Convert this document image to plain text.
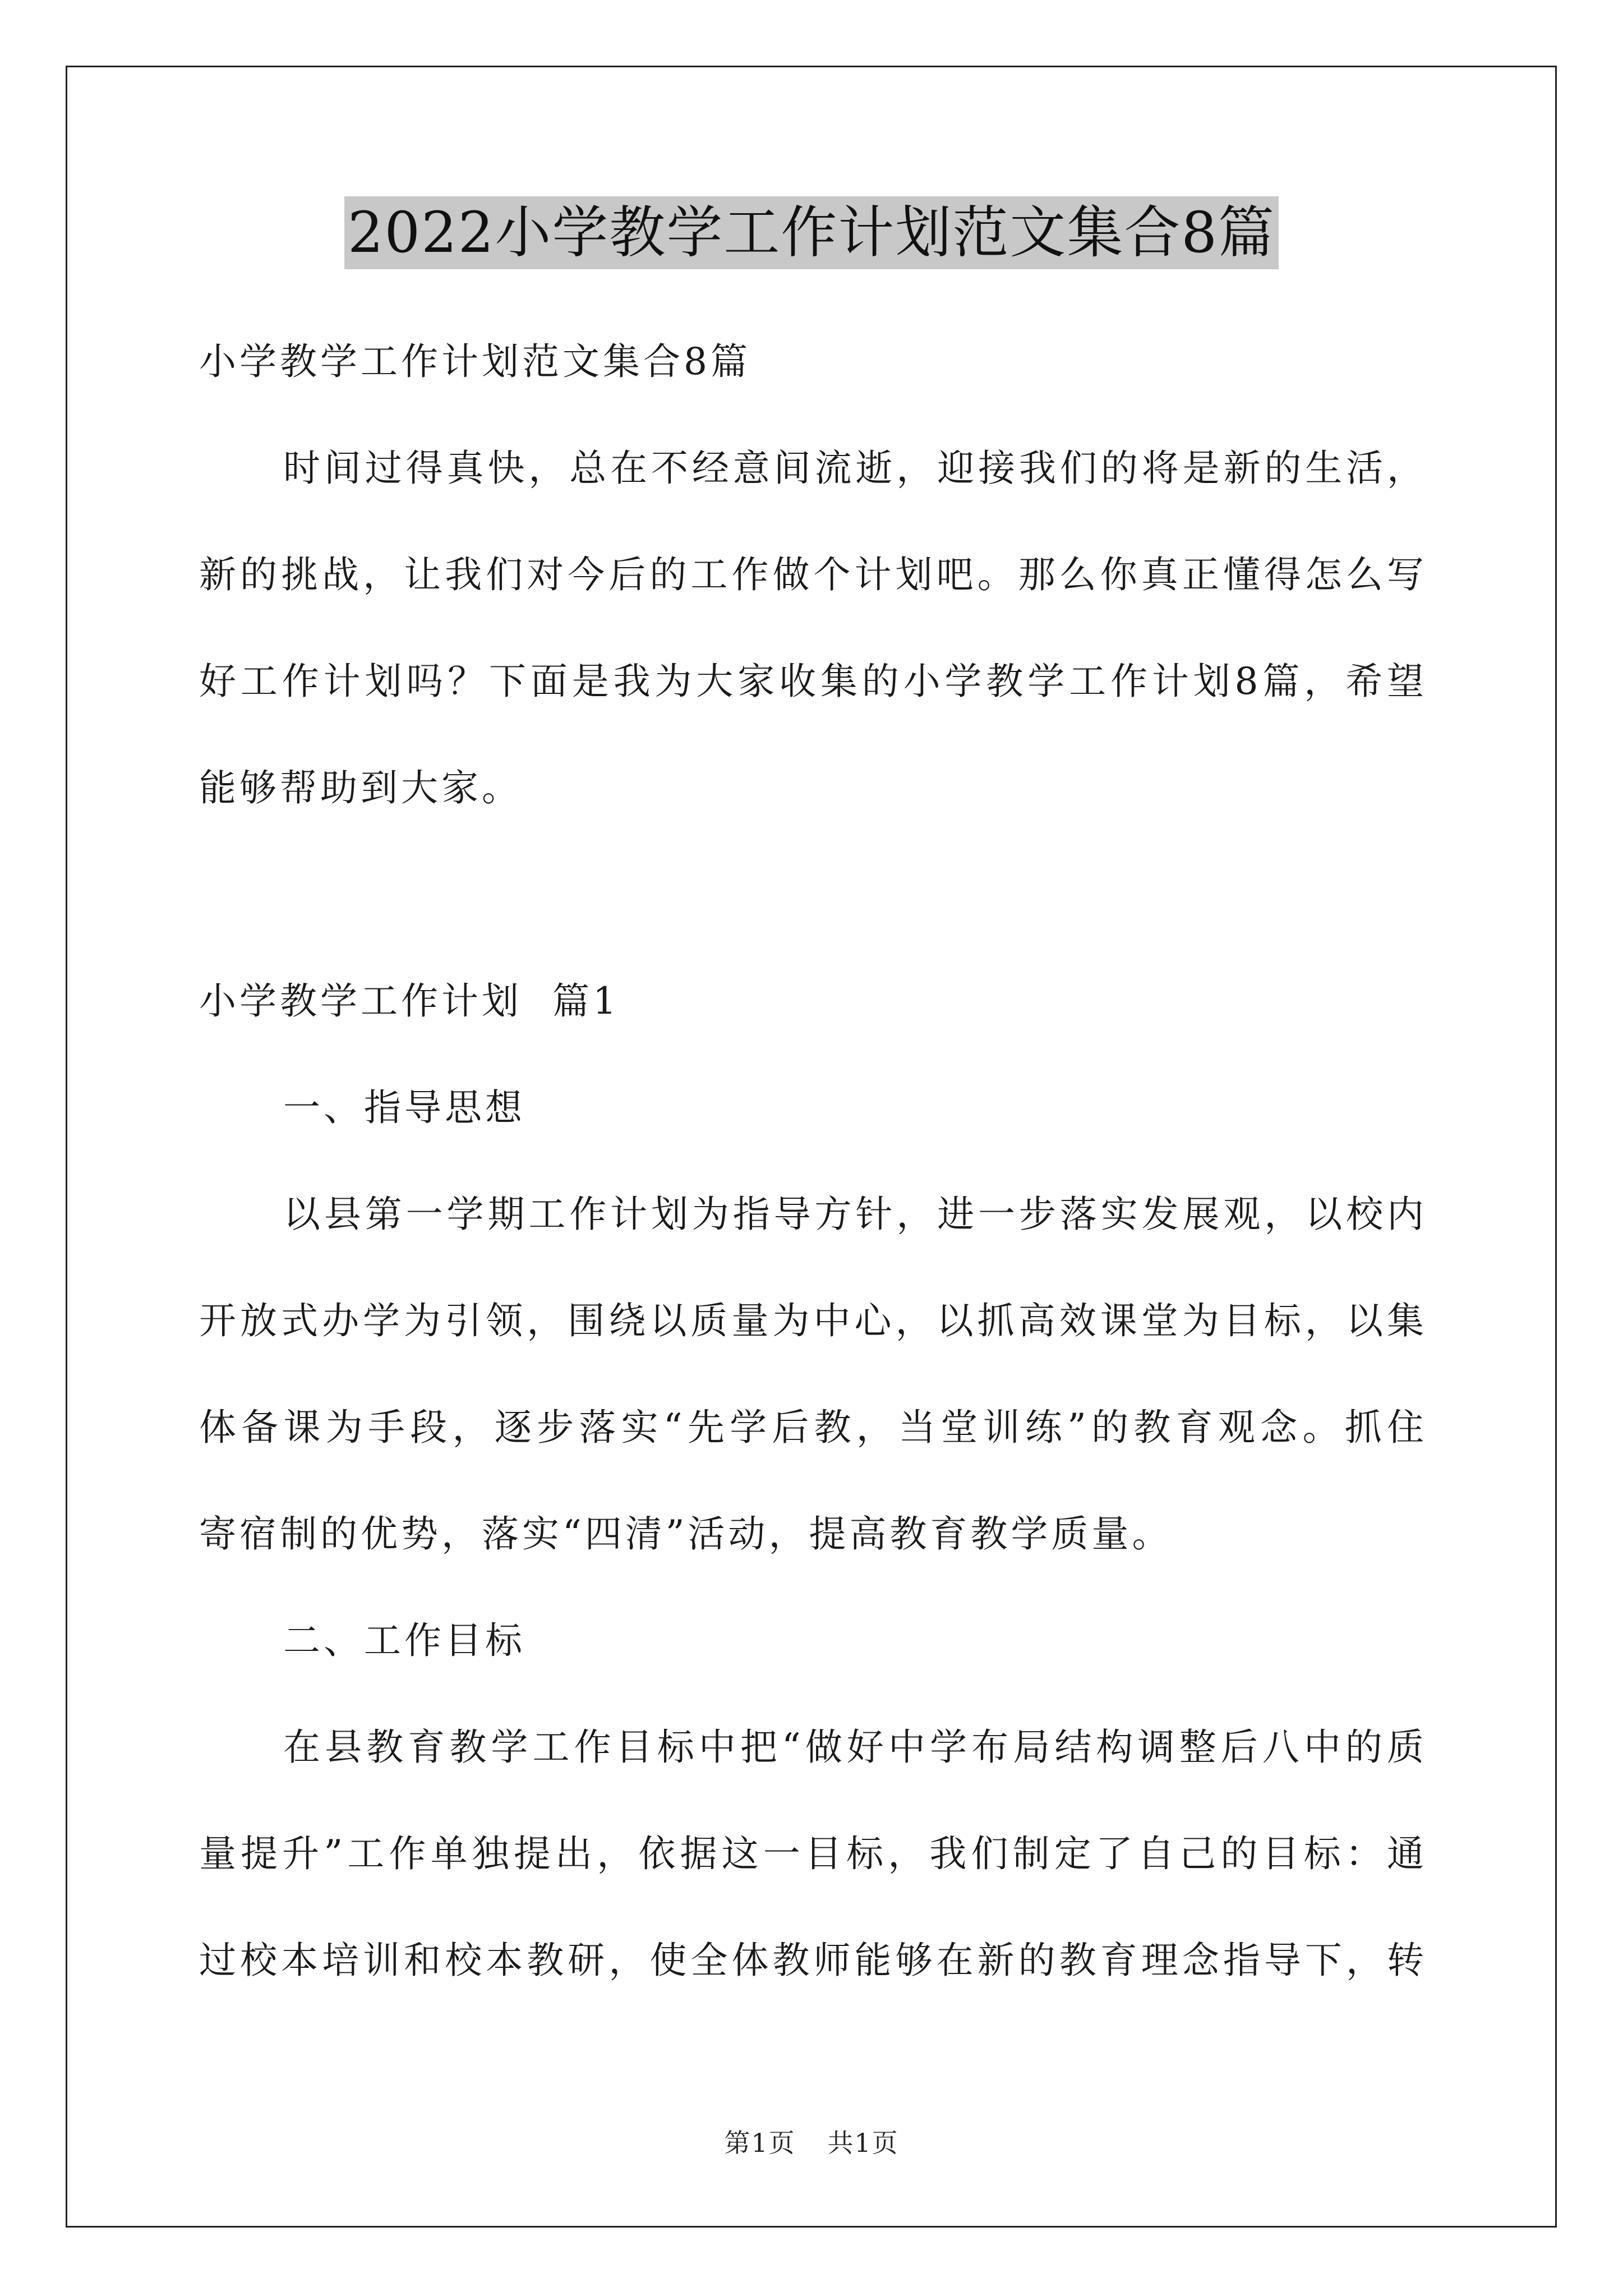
2022小学教学工作计划范文集合8篇
小学教学工作计划范文集合8篇
时间过得真快，总在不经意间流逝，迎接我们的将是新的生活，
新的挑战，让我们对今后的工作做个计划吧。那么你真正懂得怎么写
好工作计划吗？下面是我为大家收集的小学教学工作计划8篇，希望
能够帮助到大家。
小学教学工作计划  篇1
一、指导思想
以县第一学期工作计划为指导方针，进一步落实发展观，以校内
开放式办学为引领，围绕以质量为中心，以抓高效课堂为目标，以集
体备课为手段，逐步落实“先学后教，当堂训练”的教育观念。抓住
寄宿制的优势，落实“四清”活动，提高教育教学质量。
二、工作目标
在县教育教学工作目标中把“做好中学布局结构调整后八中的质
量提升”工作单独提出，依据这一目标，我们制定了自己的目标：通
过校本培训和校本教研，使全体教师能够在新的教育理念指导下，转
第1页 共1页
